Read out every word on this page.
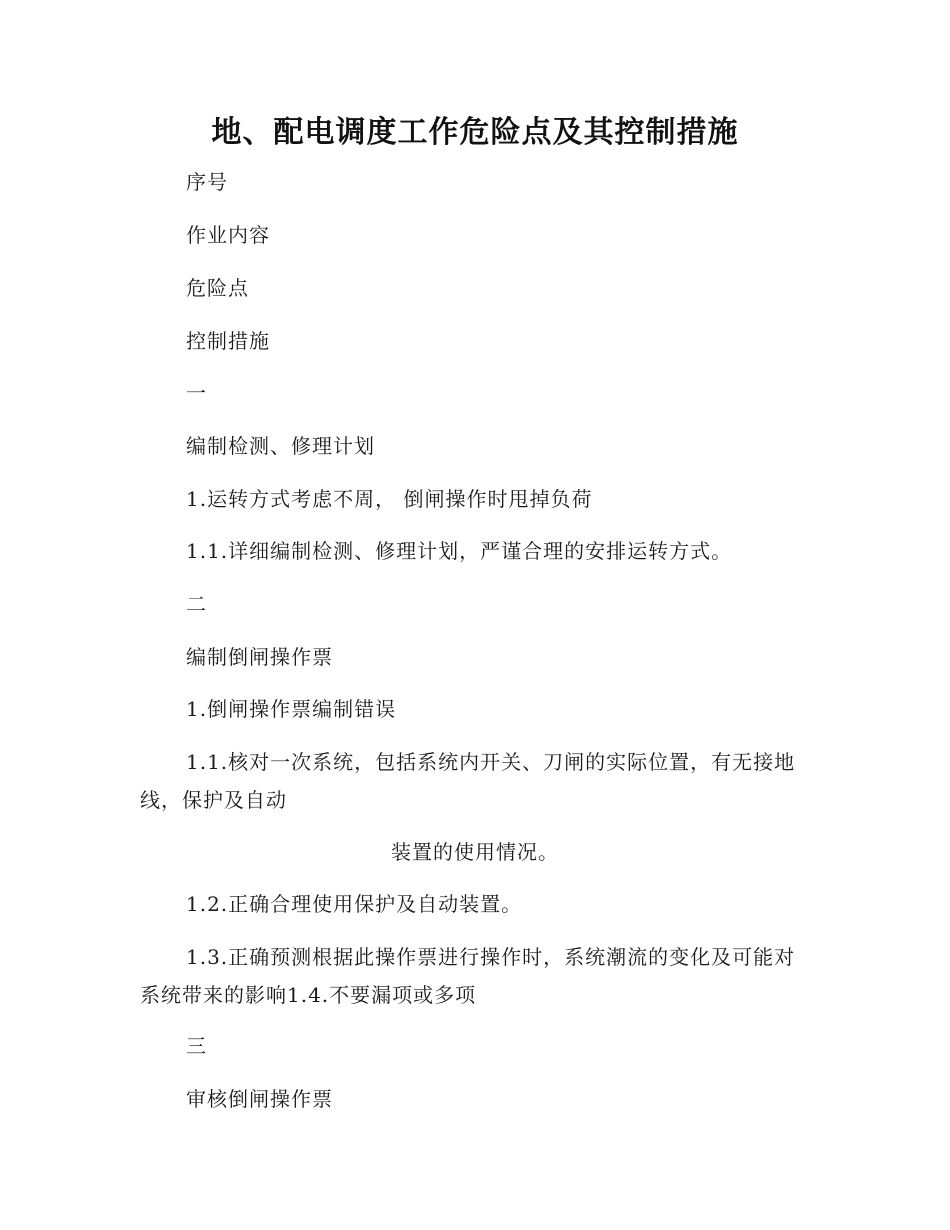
地、配电调度工作危险点及其控制措施
序号
作业内容
危险点
控制措施
一
编制检测、修理计划
1.运转方式考虑不周， 倒闸操作时甩掉负荷
1.1.详细编制检测、修理计划，严谨合理的安排运转方式。
二
编制倒闸操作票
1.倒闸操作票编制错误
1.1.核对一次系统，包括系统内开关、刀闸的实际位置，有无接地线，保护及自动
装置的使用情况。
1.2.正确合理使用保护及自动装置。
1.3.正确预测根据此操作票进行操作时，系统潮流的变化及可能对系统带来的影响1.4.不要漏项或多项
三
审核倒闸操作票
